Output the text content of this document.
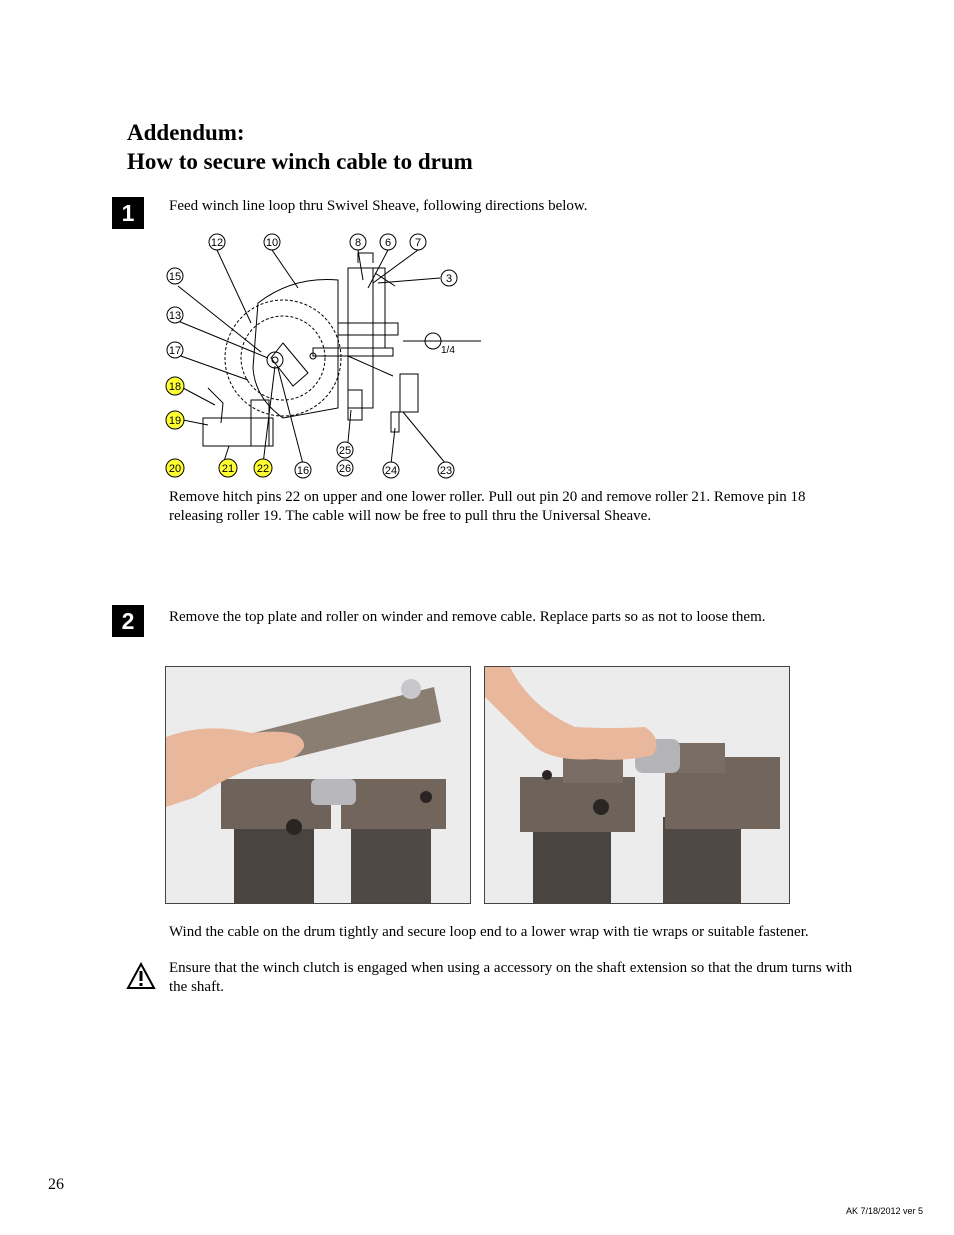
Addendum:
How to secure winch cable to drum
1	Feed winch line loop thru Swivel Sheave, following directions below.
1/4
12	10	8 6 7
15	3
13
17
18
19
25
20	21 22	16	26	24	23
Remove hitch pins 22 on upper and one lower roller. Pull out pin 20 and remove roller 21. Remove pin 18 releasing roller 19. The cable will now be free to pull thru the Universal Sheave.
2	Remove the top plate and roller on winder and remove cable. Replace parts so as not to loose them.
Wind the cable on the drum tightly and secure loop end to a lower wrap with tie wraps or suitable fastener.
Ensure that the winch clutch is engaged when using a accessory on the shaft extension so that the drum turns with the shaft.
26
AK 7/18/2012 ver 5
